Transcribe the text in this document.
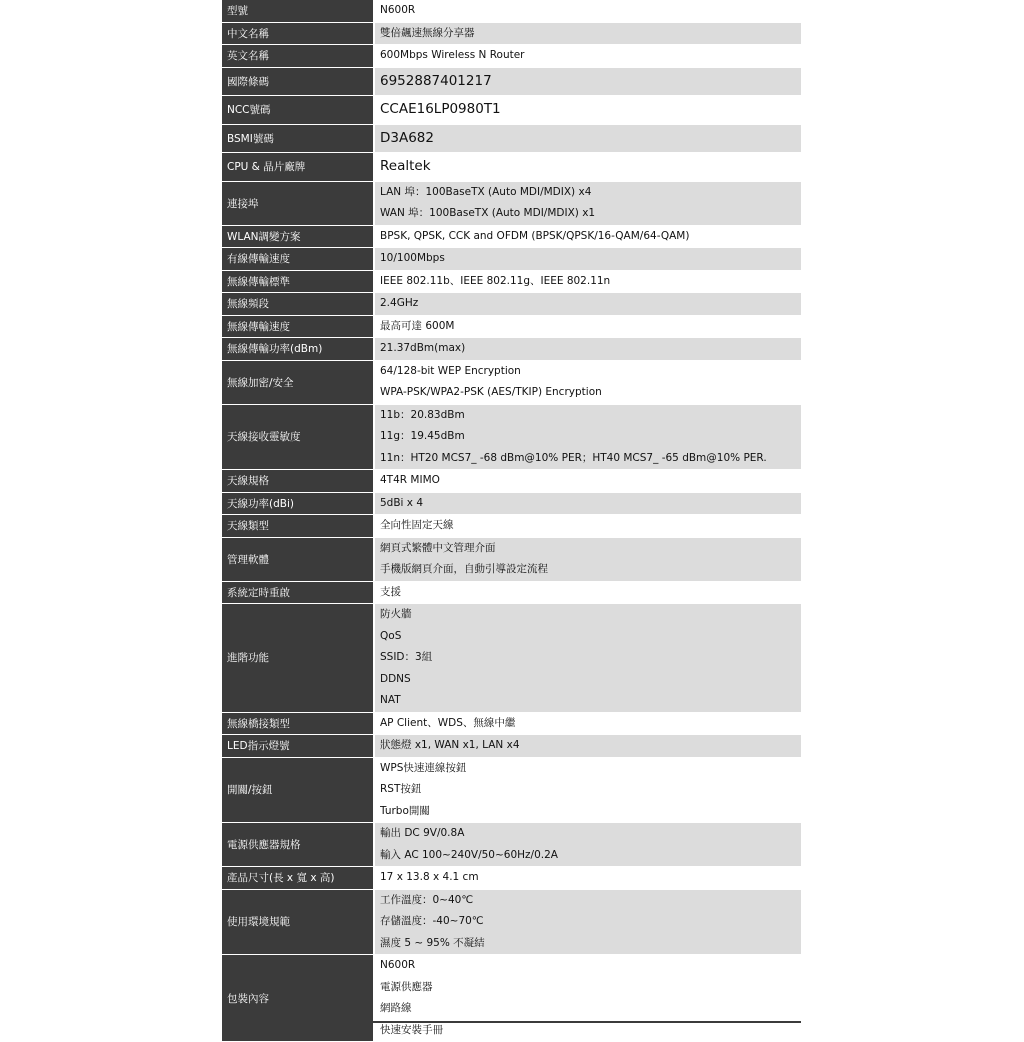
型號	N600R

中文名稱	雙倍飆速無線分享器

英文名稱	600Mbps Wireless N Router

國際條碼	6952887401217

NCC號碼	CCAE16LP0980T1

BSMI號碼	D3A682

CPU & 晶片廠牌	Realtek

連接埠	LAN 埠：100BaseTX (Auto MDI/MDIX) x4
WAN 埠：100BaseTX (Auto MDI/MDIX) x1

WLAN調變方案	BPSK, QPSK, CCK and OFDM (BPSK/QPSK/16-QAM/64-QAM)

有線傳輸速度	10/100Mbps

無線傳輸標準	IEEE 802.11b、IEEE 802.11g、IEEE 802.11n

無線頻段	2.4GHz

無線傳輸速度	最高可達 600M

無線傳輸功率(dBm)	21.37dBm(max)

無線加密/安全	64/128-bit WEP Encryption
WPA-PSK/WPA2-PSK (AES/TKIP) Encryption

天線接收靈敏度	11b：20.83dBm
11g：19.45dBm
11n：HT20 MCS7_ -68 dBm@10% PER；HT40 MCS7_ -65 dBm@10% PER.

天線規格	4T4R MIMO

天線功率(dBi)	5dBi x 4

天線類型	全向性固定天線

管理軟體	網頁式繁體中文管理介面
手機版網頁介面，自動引導設定流程

系統定時重啟	支援

進階功能	防火牆
QoS
SSID：3組
DDNS
NAT

無線橋接類型	AP Client、WDS、無線中繼

LED指示燈號	狀態燈 x1, WAN x1, LAN x4

開關/按鈕	WPS快速連線按鈕
RST按鈕
Turbo開關

電源供應器規格	輸出 DC 9V/0.8A
輸入 AC 100~240V/50~60Hz/0.2A

產品尺寸(長 x 寬 x 高)	17 x 13.8 x 4.1 cm

使用環境規範	工作溫度：0~40℃
存儲溫度：-40~70℃
濕度 5 ~ 95% 不凝結

包裝內容	N600R
電源供應器
網路線
快速安裝手冊
